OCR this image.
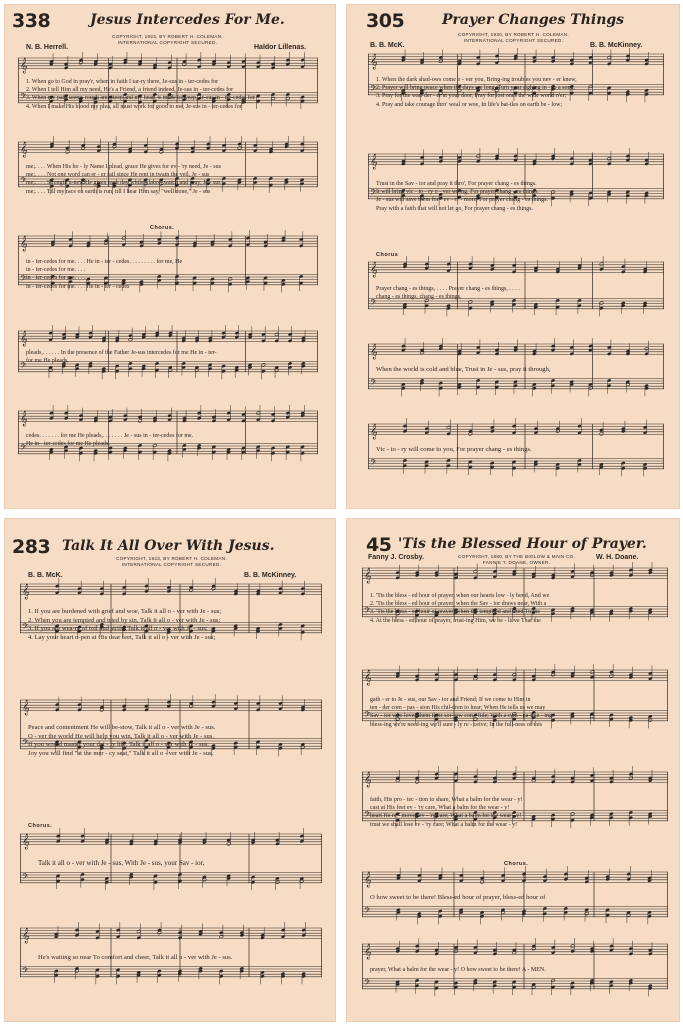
338	Jesus Intercedes For Me.
COPYRIGHT, 1923, BY ROBERT H. COLEMAN.
INTERNATIONAL COPYRIGHT SECURED.
N. B. Herrell.	Haldor Lillenas.
𝄞
𝄢
1. When go to God in pray'r, when in faith I tar-ry there, Je-sus in - ter-cedes for
2. When I tell Him all my need, He's a Friend, a friend indeed, Je-sus in - ter-cedes for
3. When my path seems rough and steep and my heart is made to weep, Je-sus in - ter-cedes for
4. When I make His blood my plea, all must work for good to me, Je-sus in - ter-cedes for
𝄞
𝄢
me;. . . . When His ho - ly Name I plead, grace He gives for ev - 'ry need, Je - sus
me;. . . . Not one word can er - er fail since He rent in twain the veil, Je - sus
me;. . . . Strength a-new He gives each day while I labor, watch and pray, Je - sus
me;. . . . Till my race on earth is run, till I hear Him say, "well done," Je - sus
Chorus.
𝄞
𝄢
in - ter-cedes for me. . . . He in - ter - cedes. . . . . . . . . for me, He
in - ter-cedes for me. . . .
in - ter-cedes for me. . . .
in - ter-cedes for me. . . . He in - ter - cedes
𝄞
𝄢
pleads,. . . . . . In the presence of the Father Je-sus intercedes for me He in - ter-
for me He pleads,
𝄞
𝄢
cedes. . . . . . . for me He pleads,. . . . . . . Je - sus in - ter-cedes for me.
He in - ter-cedes for me He pleads.
305	Prayer Changes Things
COPYRIGHT, 1930, BY ROBERT H. COLEMAN.
INTERNATIONAL COPYRIGHT SECURED.
B. B. McK.	B. B. McKinney.
𝄞
𝄢
1. When the dark shad-ows come o - ver you, Bring-ing troubles you nev - er knew,
2. Prayer will bring peace when the days are long, Turn your sighing in - to a song,
3. Pray for the wan-der - er at your door, Pray for lost ones the wide world o'er;
4. Pray and take courage thro' weal or woe, In life's bat-tles on earth be - low;
𝄞
𝄢
Trust in the Sav - ior and pray it thro', For prayer chang - es things.
It will bring vic - to - ry o - ver wrong, For prayer chang - es things.
Je - sus will save them for - ev - er - more, For prayer chang - es things.
Pray with a faith that will not let go, For prayer chang - es things.
Chorus
𝄞
𝄢
Prayer chang - es things, . . . . Prayer chang - es things, . . . .
chang - es things, chang - es things,
𝄞
𝄢
When the world is cold and blue, Trust in Je - sus, pray it through,
𝄞
𝄢
Vic - to - ry will come to you, For prayer chang - es things.
283 Talk It All Over With Jesus.
COPYRIGHT, 1923, BY ROBERT H. COLEMAN.
INTERNATIONAL COPYRIGHT SECURED.
B. B. McK.	B. B. McKinney.
𝄞
𝄢
1. If you are burdened with grief and woe, Talk it all o - ver with Je - sus;
2. When you are tempted and tried by sin, Talk it all o - ver with Je - sus;
3. If you are wea-ry of toil and strife, Talk it all o - ver with Je - sus;
4. Lay your heart o-pen at His dear feet, Talk it all o - ver with Je - sus;
𝄞
𝄢
Peace and contentment He will be-stow, Talk it all o - ver with Je - sus.
O - ver the world He will help you win, Talk it all o - ver with Je - sus.
If you would master your dai - ly life, Talk it all o - ver with Je - sus.
Joy you will find "at the mer - cy seat," Talk it all o - ver with Je - sus.
Chorus.
𝄞
𝄢
Talk it all o - ver with Je - sus, With Je - sus, your Sav - ior,
𝄞
𝄢
He's waiting so near To comfort and cheer, Talk it all o - ver with Je - sus.
45 'Tis the Blessed Hour of Prayer.
COPYRIGHT, 1880, BY THE BIGLOW & MAIN CO.
FANNIE T. DOANE, OWNER.
Fanny J. Crosby.	W. H. Doane.
𝄞
𝄢
1. 'Tis the bless - ed hour of prayer, when our hearts low - ly bend, And we
2. 'Tis the bless - ed hour of prayer, when the Sav - ior draws near, With a
3. 'Tis the bless - ed hour of prayer, when the tempt-ed and tried To the
4. At the bless - ed hour of prayer, trust-ing Him, we be - lieve That the
𝄞
𝄢
gath - er to Je - sus, our Sav - ior and Friend; If we come to Him in
ten - der com - pas - sion His chil-dren to hear; When He tells us we may
Sav - ior who loves them their sor-row con - fide; With a sym - pa-thiz - ing
bless-ing we're need-ing we'll sure - ly re - ceive; In the full-ness of this
𝄞
𝄢
faith, His pro - tec - tion to share, What a balm for the wear - y!
cast at His feet ev - 'ry care, What a balm for the wear - y!
heart He re - moves ev - 'ry care; What a balm for the wear - y!
trust we shall lose ev - 'ry care; What a balm for the wear - y!
Chorus.
𝄞
𝄢
O how sweet to be there! Bless-ed hour of prayer, bless-ed hour of
𝄞
𝄢
prayer, What a balm for the wear - y! O how sweet to be there! A - MEN.
